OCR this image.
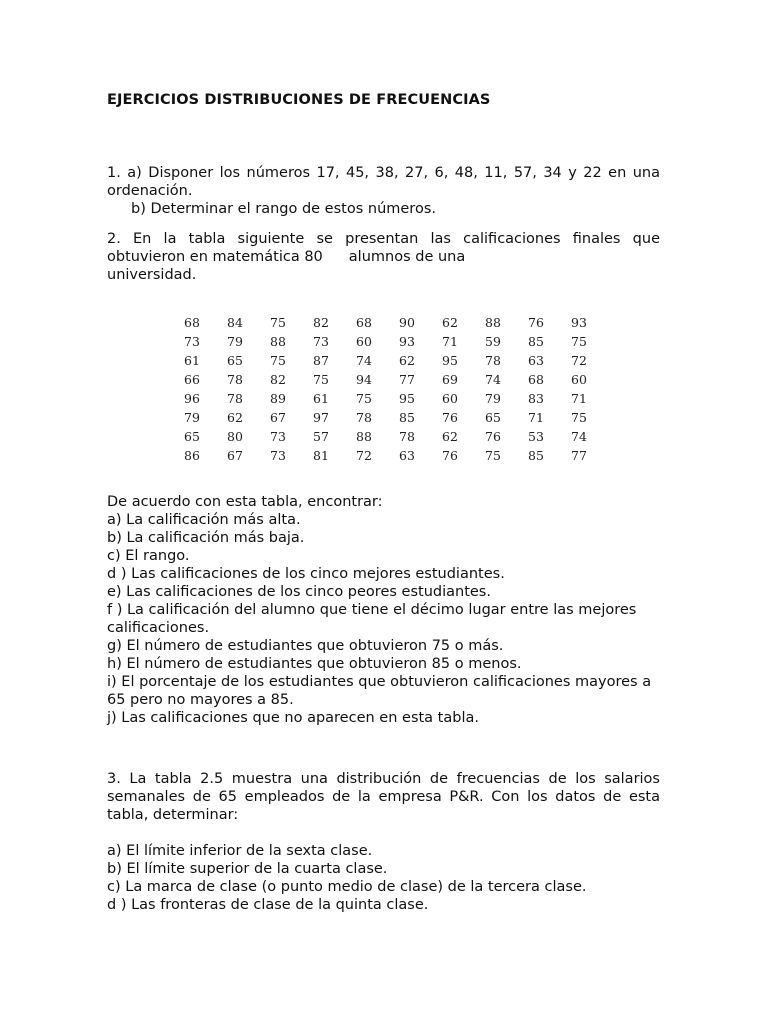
EJERCICIOS DISTRIBUCIONES DE FRECUENCIAS

1. a) Disponer los números 17, 45, 38, 27, 6, 48, 11, 57, 34 y 22 en una ordenación.

b) Determinar el rango de estos números.

2. En la tabla siguiente se presentan las calificaciones finales que

obtuvieron en matemática 80 alumnos de una

universidad.

68	84	75	82	68	90	62	88	76	93
73	79	88	73	60	93	71	59	85	75
61	65	75	87	74	62	95	78	63	72
66	78	82	75	94	77	69	74	68	60
96	78	89	61	75	95	60	79	83	71
79	62	67	97	78	85	76	65	71	75
65	80	73	57	88	78	62	76	53	74
86	67	73	81	72	63	76	75	85	77

De acuerdo con esta tabla, encontrar:

a) La calificación más alta.

b) La calificación más baja.

c) El rango.

d ) Las calificaciones de los cinco mejores estudiantes.

e) Las calificaciones de los cinco peores estudiantes.

f ) La calificación del alumno que tiene el décimo lugar entre las mejores calificaciones.

g) El número de estudiantes que obtuvieron 75 o más.

h) El número de estudiantes que obtuvieron 85 o menos.

i) El porcentaje de los estudiantes que obtuvieron calificaciones mayores a 65 pero no mayores a 85.

j) Las calificaciones que no aparecen en esta tabla.

3. La tabla 2.5 muestra una distribución de frecuencias de los salarios semanales de 65 empleados de la empresa P&R. Con los datos de esta tabla, determinar:

a) El límite inferior de la sexta clase.

b) El límite superior de la cuarta clase.

c) La marca de clase (o punto medio de clase) de la tercera clase.

d ) Las fronteras de clase de la quinta clase.
